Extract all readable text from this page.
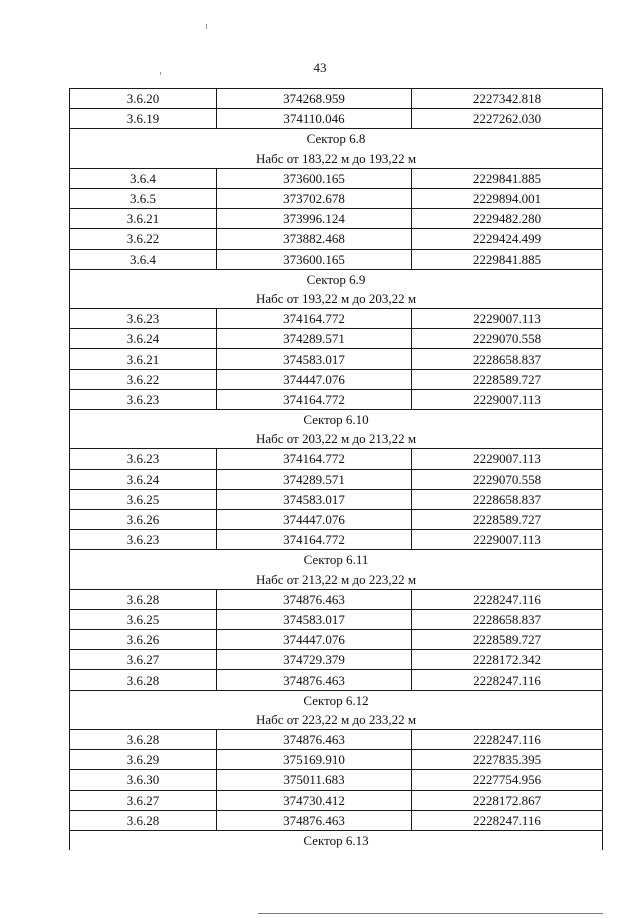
43
3.6.20	374268.959	2227342.818
3.6.19	374110.046	2227262.030
Сектор 6.8		
Набс от 183,22 м до 193,22 м		
3.6.4	373600.165	2229841.885
3.6.5	373702.678	2229894.001
3.6.21	373996.124	2229482.280
3.6.22	373882.468	2229424.499
3.6.4	373600.165	2229841.885
Сектор 6.9		
Набс от 193,22 м до 203,22 м		
3.6.23	374164.772	2229007.113
3.6.24	374289.571	2229070.558
3.6.21	374583.017	2228658.837
3.6.22	374447.076	2228589.727
3.6.23	374164.772	2229007.113
Сектор 6.10		
Набс от 203,22 м до 213,22 м		
3.6.23	374164.772	2229007.113
3.6.24	374289.571	2229070.558
3.6.25	374583.017	2228658.837
3.6.26	374447.076	2228589.727
3.6.23	374164.772	2229007.113
Сектор 6.11		
Набс от 213,22 м до 223,22 м		
3.6.28	374876.463	2228247.116
3.6.25	374583.017	2228658.837
3.6.26	374447.076	2228589.727
3.6.27	374729.379	2228172.342
3.6.28	374876.463	2228247.116
Сектор 6.12		
Набс от 223,22 м до 233,22 м		
3.6.28	374876.463	2228247.116
3.6.29	375169.910	2227835.395
3.6.30	375011.683	2227754.956
3.6.27	374730.412	2228172.867
3.6.28	374876.463	2228247.116
Сектор 6.13		
